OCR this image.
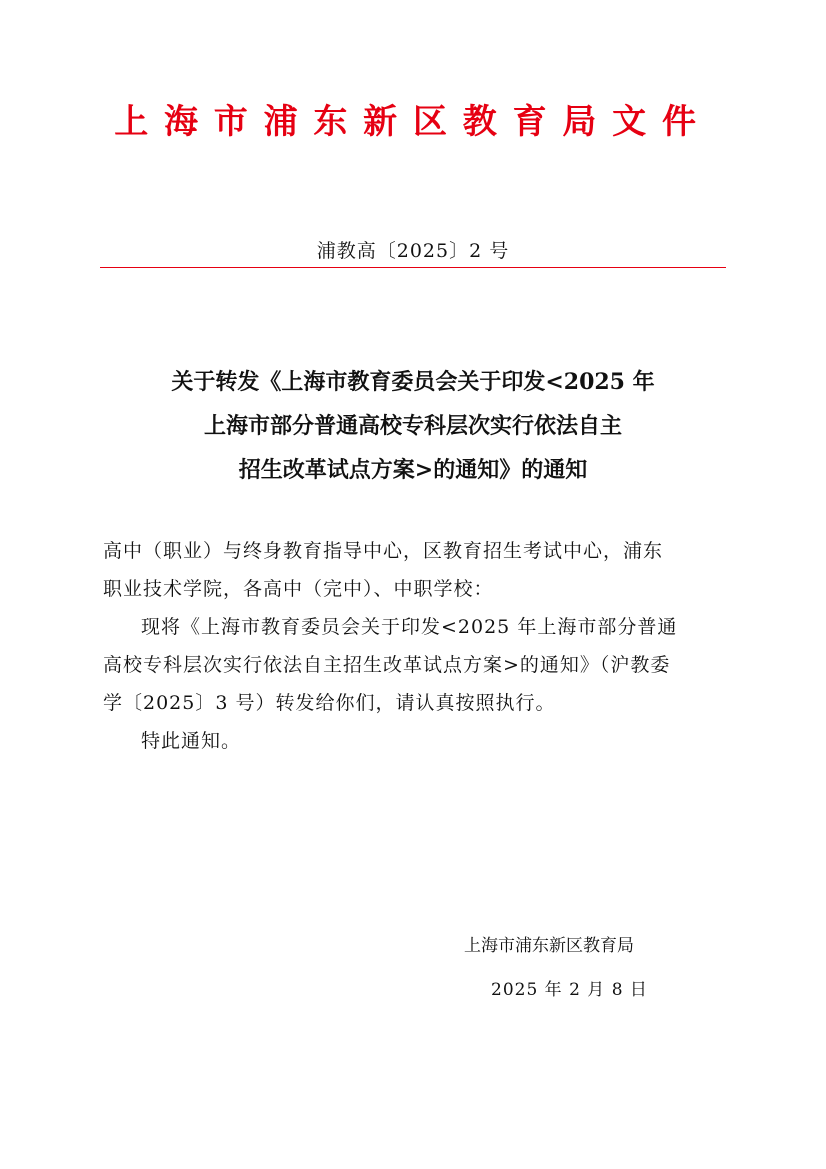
上海市浦东新区教育局文件
浦教高〔2025〕2 号
关于转发《上海市教育委员会关于印发<2025 年
上海市部分普通高校专科层次实行依法自主
招生改革试点方案>的通知》的通知

高中（职业）与终身教育指导中心，区教育招生考试中心，浦东

职业技术学院，各高中（完中）、中职学校：

现将《上海市教育委员会关于印发<2025 年上海市部分普通

高校专科层次实行依法自主招生改革试点方案>的通知》（沪教委

学〔2025〕3 号）转发给你们，请认真按照执行。

特此通知。

上海市浦东新区教育局
2025 年 2 月 8 日
